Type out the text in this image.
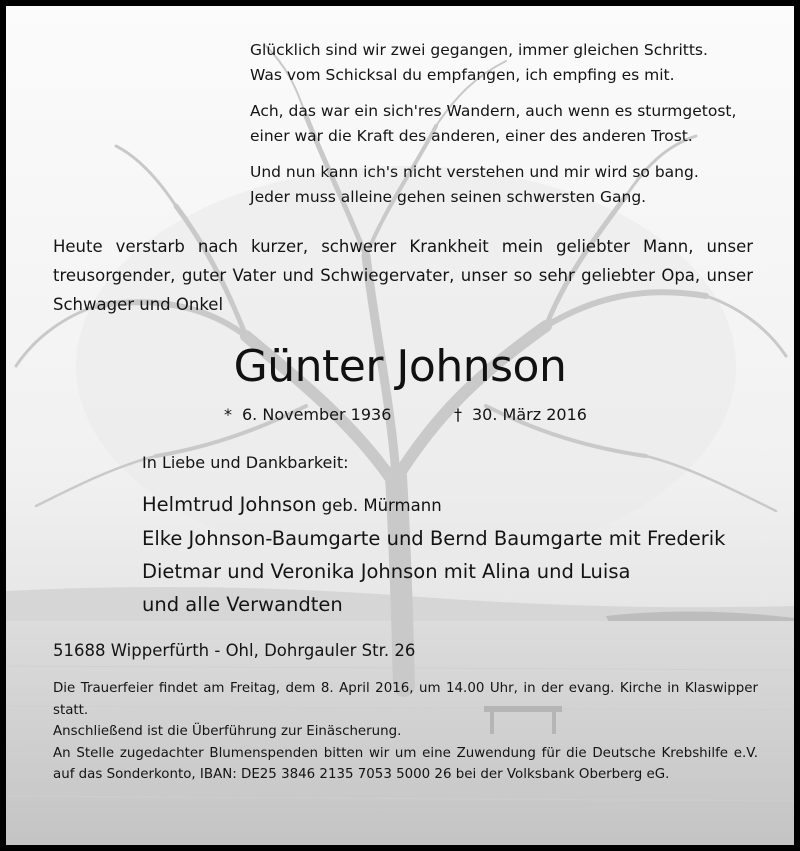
Glücklich sind wir zwei gegangen, immer gleichen Schritts.
Was vom Schicksal du empfangen, ich empfing es mit.
Ach, das war ein sich'res Wandern, auch wenn es sturmgetost,
einer war die Kraft des anderen, einer des anderen Trost.
Und nun kann ich's nicht verstehen und mir wird so bang.
Jeder muss alleine gehen seinen schwersten Gang.
Heute verstarb nach kurzer, schwerer Krankheit mein geliebter Mann, unser treusorgender, guter Vater und Schwiegervater, unser so sehr geliebter Opa, unser Schwager und Onkel
Günter Johnson
* 6. November 1936	† 30. März 2016
In Liebe und Dankbarkeit:
Helmtrud Johnson geb. Mürmann
Elke Johnson-Baumgarte und Bernd Baumgarte mit Frederik
Dietmar und Veronika Johnson mit Alina und Luisa
und alle Verwandten
51688 Wipperfürth - Ohl, Dohrgauler Str. 26

Die Trauerfeier findet am Freitag, dem 8. April 2016, um 14.00 Uhr, in der evang. Kirche in Klaswipper statt.

Anschließend ist die Überführung zur Einäscherung.

An Stelle zugedachter Blumenspenden bitten wir um eine Zuwendung für die Deutsche Krebshilfe e.V. auf das Sonderkonto, IBAN: DE25 3846 2135 7053 5000 26 bei der Volksbank Oberberg eG.
